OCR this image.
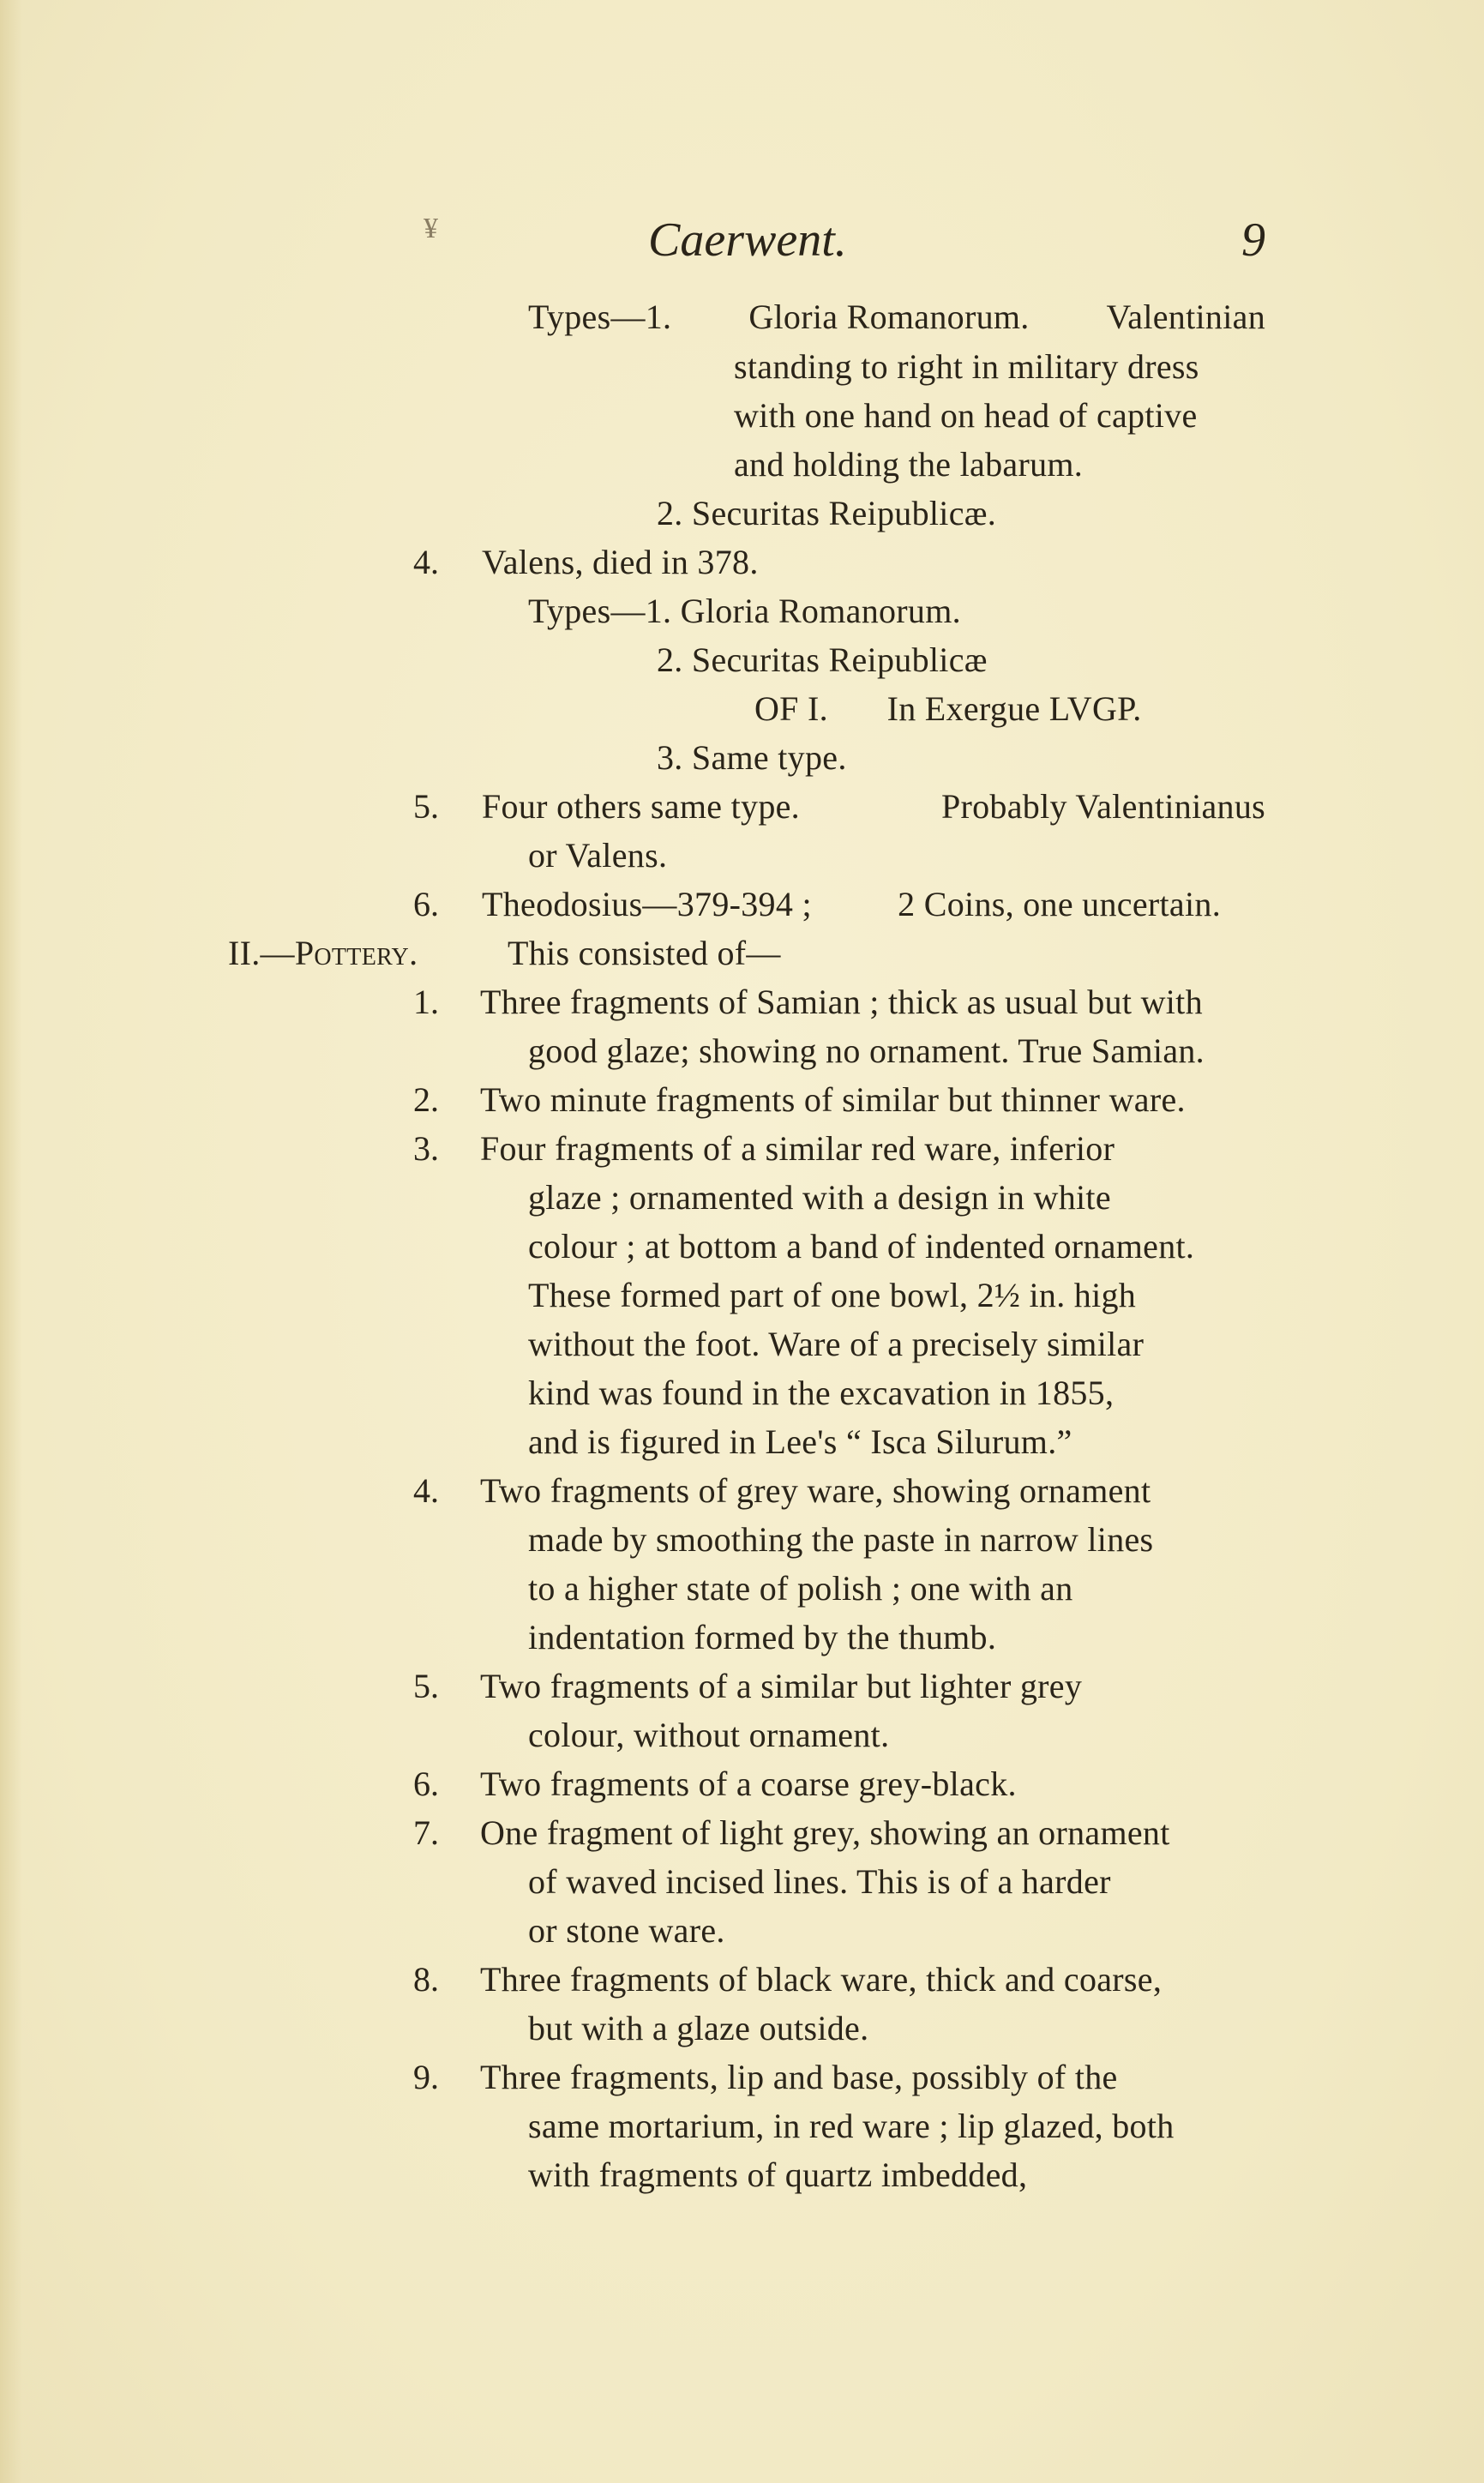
¥	Caerwent.	9
Types—1. Gloria Romanorum. Valentinian
standing to right in military dress
with one hand on head of captive
and holding the labarum.
2. Securitas Reipublicæ.
4. Valens, died in 378.
Types—1. Gloria Romanorum.
2. Securitas Reipublicæ
OF I. In Exergue LVGP.
3. Same type.
5. Four others same type.	Probably Valentinianus
or Valens.
6. Theodosius—379-394 ;	2 Coins, one uncertain.
II.—Pottery.	This consisted of—
1. Three fragments of Samian ; thick as usual but with
good glaze; showing no ornament. True Samian.
2. Two minute fragments of similar but thinner ware.
3. Four fragments of a similar red ware, inferior
glaze ; ornamented with a design in white
colour ; at bottom a band of indented ornament.
These formed part of one bowl, 2½ in. high
without the foot. Ware of a precisely similar
kind was found in the excavation in 1855,
and is figured in Lee's “ Isca Silurum.”
4. Two fragments of grey ware, showing ornament
made by smoothing the paste in narrow lines
to a higher state of polish ; one with an
indentation formed by the thumb.
5. Two fragments of a similar but lighter grey
colour, without ornament.
6. Two fragments of a coarse grey-black.
7. One fragment of light grey, showing an ornament
of waved incised lines. This is of a harder
or stone ware.
8. Three fragments of black ware, thick and coarse,
but with a glaze outside.
9. Three fragments, lip and base, possibly of the
same mortarium, in red ware ; lip glazed, both
with fragments of quartz imbedded,
